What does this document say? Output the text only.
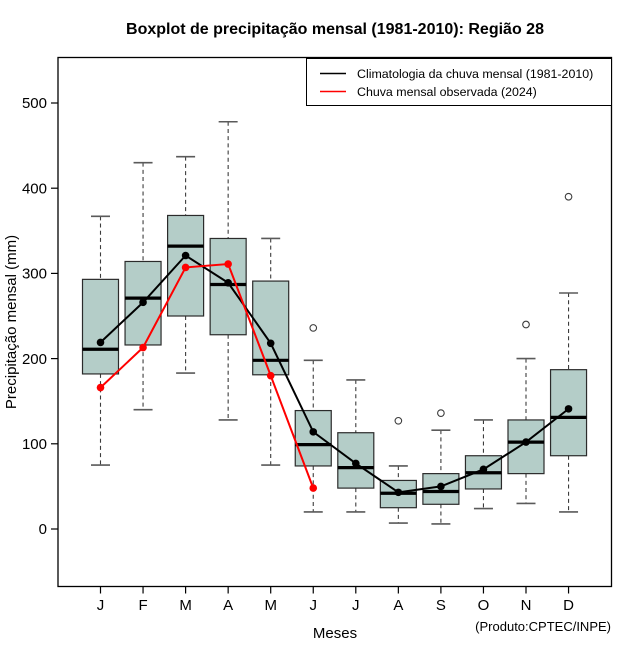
Boxplot de precipitação mensal (1981-2010): Região 28
0
100
200
300
400
500
J F M A M J J A S O N D
Precipitação mensal (mm)
Meses	(Produto:CPTEC/INPE)
Climatologia da chuva mensal (1981-2010)
Chuva mensal observada (2024)
